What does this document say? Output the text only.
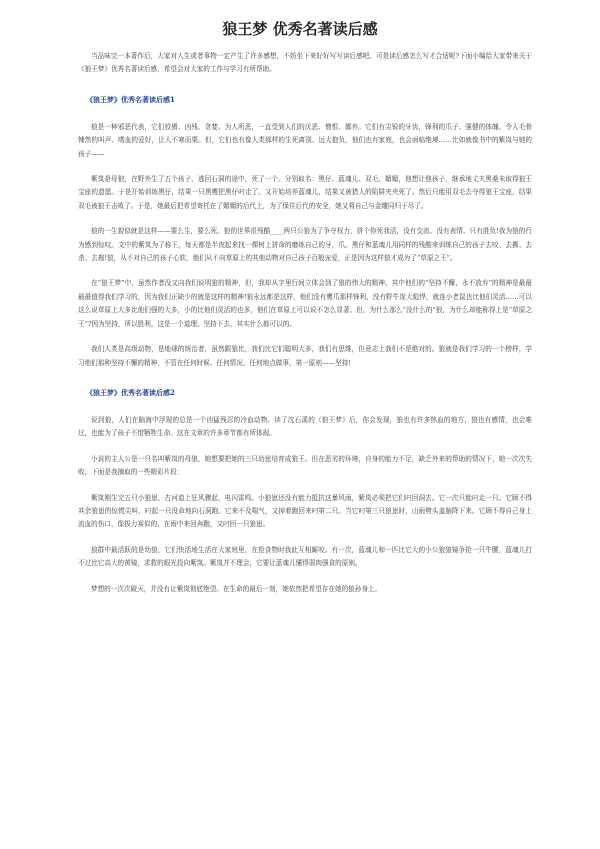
狼王梦 优秀名著读后感

当品味完一本著作后，大家对人生或者事物一定产生了许多感想，不妨坐下来好好写写读后感吧。可是读后感怎么写才合适呢?下面小编给大家带来关于《狼王梦》优秀名著读后感，希望会对大家的工作与学习有所帮助。

《狼王梦》优秀名著读后感1

狼是一种邪恶代表，它们狡猾、凶残、贪婪、为人所恶，一直受到人们的厌恶、憎恨、鄙弃。它们有尖锐的牙齿，锋利的爪子、强健的体魄、令人毛骨悚然的叫声、嗜血的爱好，让人不寒而栗。但，它们也有像人类那样的生死离别、远大抱负，他们也有家庭，也会面临绝境……比如就像书中的紫岚与她的孩子——

紫岚是母狼，在野外生了五个孩子，逃回石洞的途中，死了一个。分别取名：黑仔、蓝魂儿、双毛、媚媚，他想让他孩子，继承地丈夫黑桑未取得狼王宝座的遗愿。于是开始训练黑仔，结果一只黑鹰把黑仔叼走了。又开始培养蓝魂儿，结果又被猎人的陷阱夹夹死了。然后只能用双毛去夺得狼王宝座，结果双毛被狼王击败了。于是，她最后把希望寄托在了媚媚的后代上，为了保住后代的安全，她又将自己与金雕同归于尽了。

狼的一生貌似就是这样——要么生，要么死。狼的世界很残酷____两只公狼为了争夺权力，拼个你死我活，没有交流、没有表情、只有胜负!我为狼的行为感到惊叹。文中的紫岚为了称王，每天都是半夜起来找一棵树上拼命的磨练自己的牙，爪。黑仔和蓝魂儿用同样的残酷来训练自己的孩子去咬、去撕、去杀、去拖!狼，从不对自己的孩子心软，他们从不向草原上的其他动物对自己孩子百般宠爱，正是因为这样狼才成为了“草原之王”。

在“狼王梦”中，虽然作者没又向我们说明狼的精神，但，我却从字里行间立体会到了狼的伟大的精神。其中他们的“坚持不懈，永不放弃”的精神是最最最最值得我们学习的，因为我们正缺少的就是这样的精神!狼永远都是这样，他们没有鹰爪那样锋利，没有野牛庞大彪悍，就连小老鼠也比他们灵活……可以这么说草原上大多比他们强的大多，小的比他们灵活的也多，他们在草原上可以说不怎么显著。但，为什么那么“没什么的”狼，为什么却能称得上是“草原之王”?因为坚持，所以胜利，这是一个道理。坚持下去，其实什么都可以的。

我们人类是高级动物，是地球的统治者，虽然跟狼比，我们比它们聪明大多，我们有思维，但竟志上我们不是绝对的。狼就是我们学习的一个榜样，学习他们那种坚持不懈的精神，不管在任何时候、任何情况、任何地点做事，第一原则——坚持!

《狼王梦》优秀名著读后感2

说到狼，人们在脑海中浮现的总是一个凶猛残忍的冷血动物。读了沈石溪的《狼王梦》后，你会发现，狼也有许多热血的地方，狼也有感情，也会难过，也能为了孩子不惜牺牲生命。这在文章的许多章节都有所体现。

小说的主人公是一只名叫紫岚的母狼，她想要把她的三只幼崽培育成狼王。但在恶劣的环境，自身的能力不足，缺乏外来的帮助的情况下，她一次次失败。下面是我摘取的一些精彩片段：

紫岚刚生完五只小狼崽，古河道上狂风骤起，电闪雷鸣。小狼崽还没有能力抵抗这暴风雨，紫岚必须把它们叼回洞去。它一次只能叼走一只。它顾不得其余狼崽的惊慌尖叫，叼起一只没命地向石洞跑。它来不及喘气，又掉着跑回来叼第二只。当它叼第三只狼崽时，山雨劈头盖脑降下来。它顾不得自己身上流血的伤口，像拔力赛似的，在雨中来回奔跑，又叼回一只狼崽。

狼群中最活跃的是幼狼，它们快活地生活在大家庭里，在抢食物时我此互相厮咬。有一次，蓝魂儿和一匹比它大的小公狼狼镜争抢一只牛腰，蓝魂儿打不过比它高大的黄镜，求救的眼光投向紫岚。紫岚并不理会，它要让蓝魂儿懂得弱肉强食的原则。

梦想的一次次破灭，并没有让紫岚彻底绝望。在生命的最后一刻，她依然把希望存在她的狼孙身上。
